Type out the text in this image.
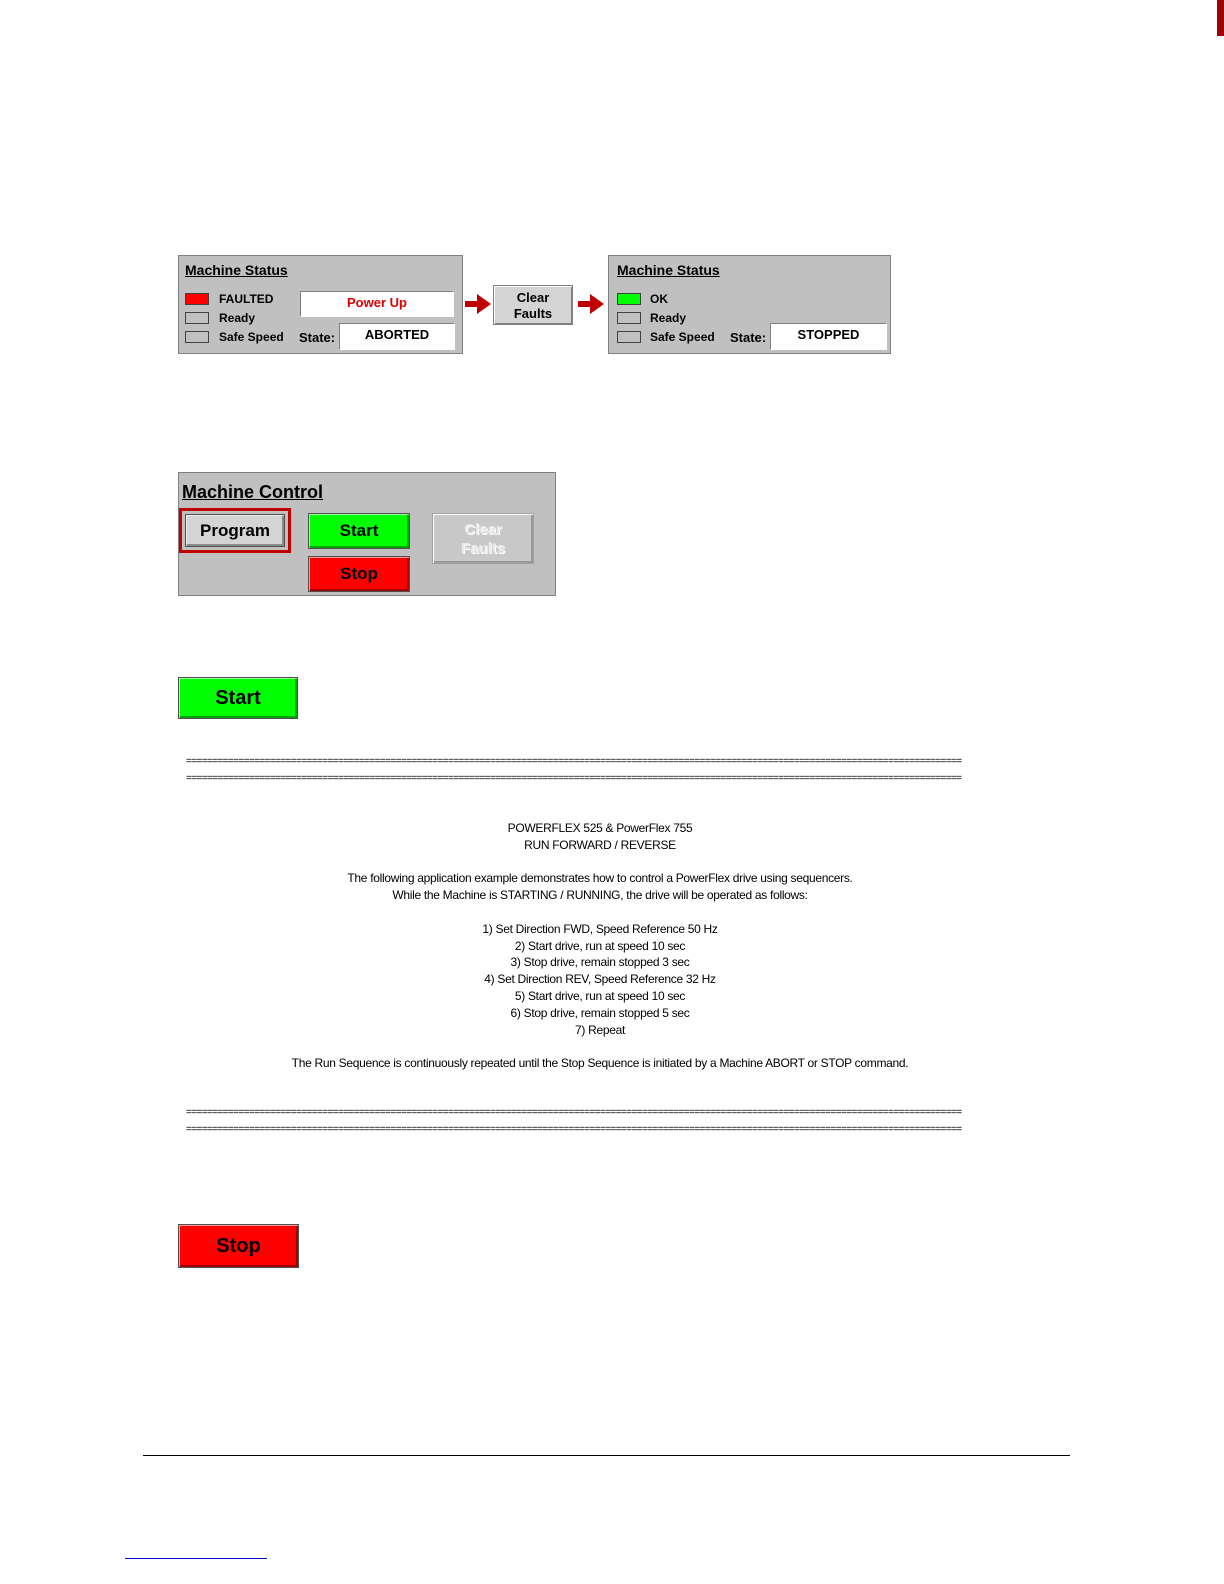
Machine Status
FAULTED
Ready
Safe Speed
Power Up
State:	ABORTED
Clear
Faults
Machine Status
OK
Ready
Safe Speed State:	STOPPED
Machine Control
Program	Start
Stop
Clear
Faults
Start
====================================================================================================================================================
====================================================================================================================================================

POWERFLEX 525 & PowerFlex 755

RUN FORWARD / REVERSE

The following application example demonstrates how to control a PowerFlex drive using sequencers.

While the Machine is STARTING / RUNNING, the drive will be operated as follows:

1) Set Direction FWD, Speed Reference 50 Hz

2) Start drive, run at speed 10 sec

3) Stop drive, remain stopped 3 sec

4) Set Direction REV, Speed Reference 32 Hz

5) Start drive, run at speed 10 sec

6) Stop drive, remain stopped 5 sec

7) Repeat

The Run Sequence is continuously repeated until the Stop Sequence is initiated by a Machine ABORT or STOP command.

====================================================================================================================================================
====================================================================================================================================================
Stop
